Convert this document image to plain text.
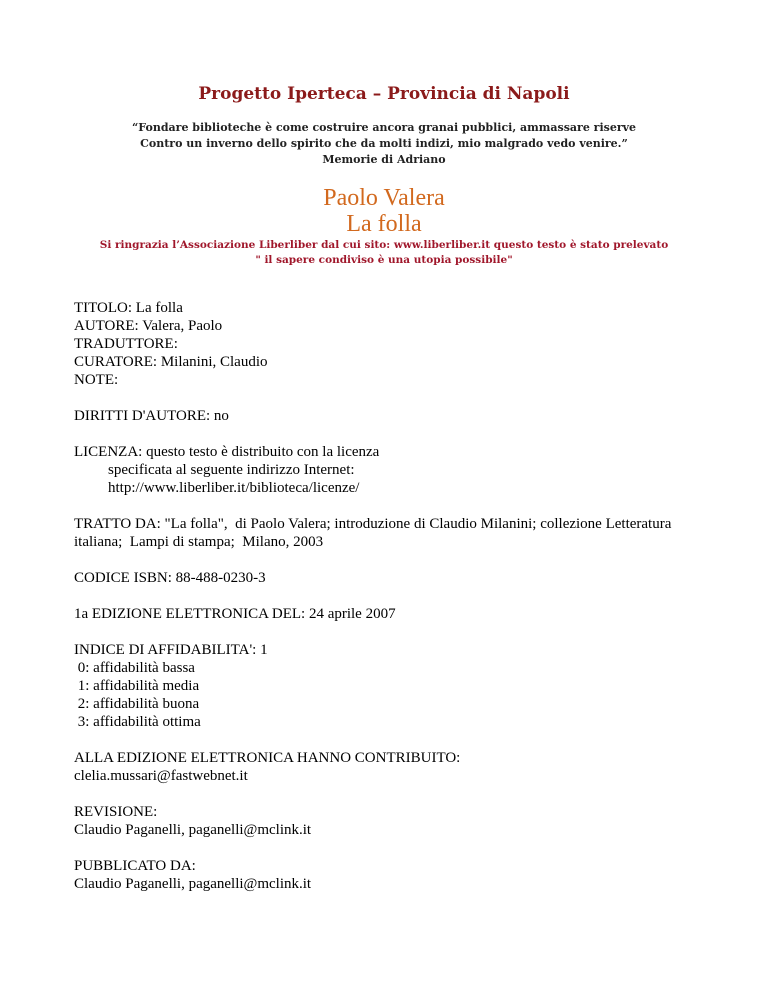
Progetto Iperteca – Provincia di Napoli
“Fondare biblioteche è come costruire ancora granai pubblici, ammassare riserve
Contro un inverno dello spirito che da molti indizi, mio malgrado vedo venire.”
Memorie di Adriano
Paolo Valera
La folla
Si ringrazia l’Associazione Liberliber dal cui sito: www.liberliber.it questo testo è stato prelevato
" il sapere condiviso è una utopia possibile"
TITOLO: La folla
AUTORE: Valera, Paolo
TRADUTTORE:
CURATORE: Milanini, Claudio
NOTE:
DIRITTI D'AUTORE: no
LICENZA: questo testo è distribuito con la licenza
specificata al seguente indirizzo Internet:
http://www.liberliber.it/biblioteca/licenze/
TRATTO DA: "La folla",  di Paolo Valera; introduzione di Claudio Milanini; collezione Letteratura
italiana;  Lampi di stampa;  Milano, 2003
CODICE ISBN: 88-488-0230-3
1a EDIZIONE ELETTRONICA DEL: 24 aprile 2007
INDICE DI AFFIDABILITA': 1
0: affidabilità bassa
1: affidabilità media
2: affidabilità buona
3: affidabilità ottima
ALLA EDIZIONE ELETTRONICA HANNO CONTRIBUITO:
clelia.mussari@fastwebnet.it
REVISIONE:
Claudio Paganelli, paganelli@mclink.it
PUBBLICATO DA:
Claudio Paganelli, paganelli@mclink.it
